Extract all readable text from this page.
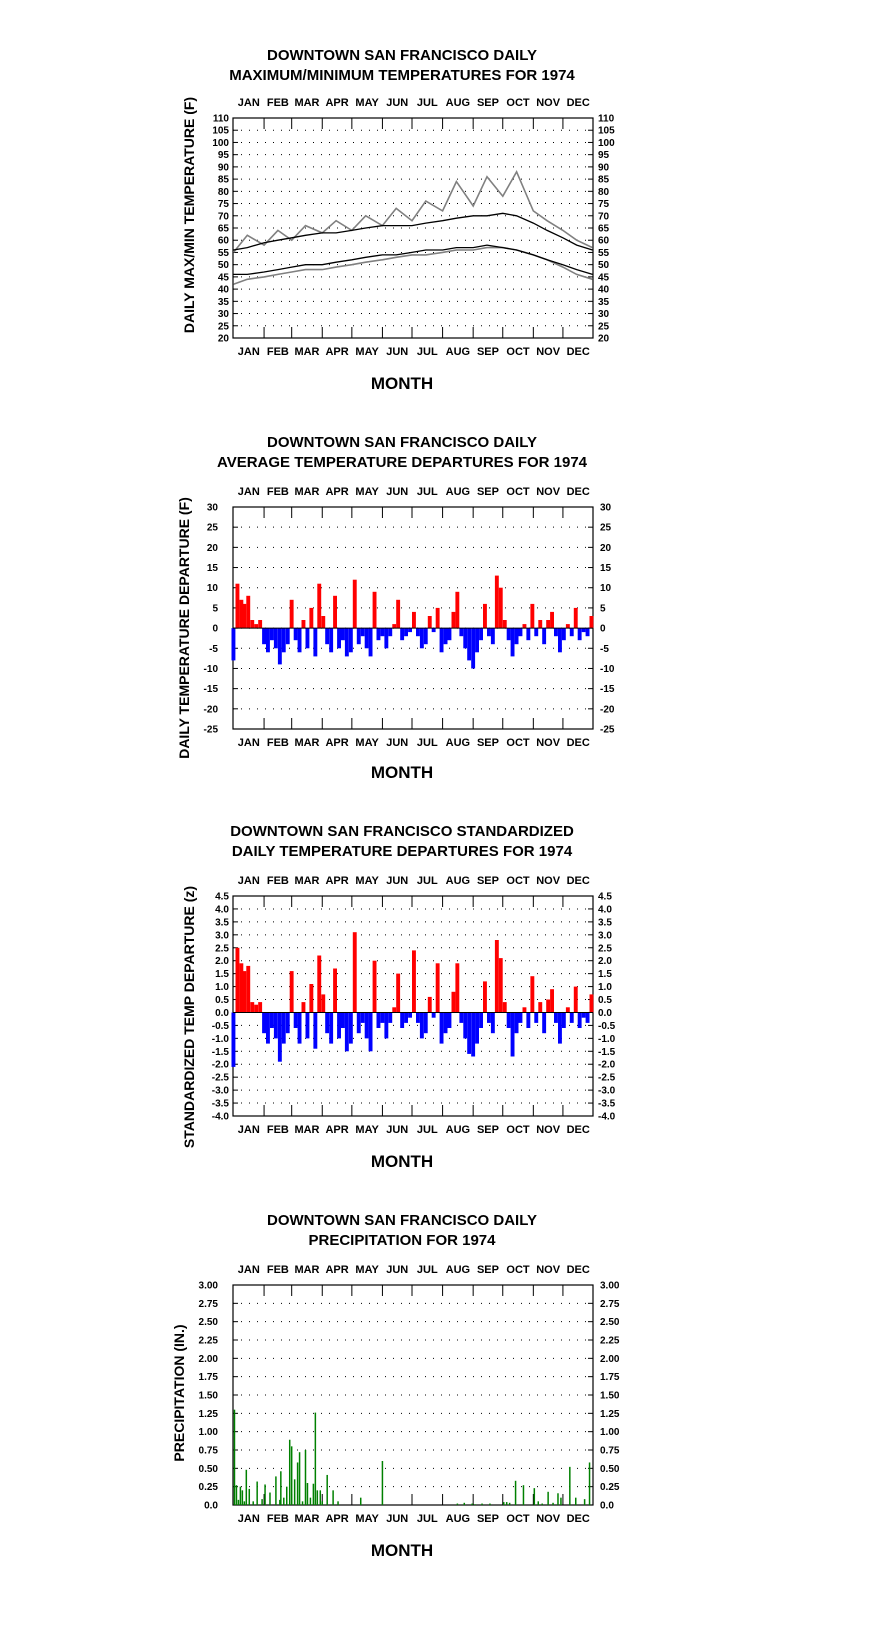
DOWNTOWN SAN FRANCISCO DAILY
MAXIMUM/MINIMUM TEMPERATURES FOR 1974
DAILY MAX/MIN TEMPERATURE (F)
MONTH
20	20
25	25
30	30
35	35
40	40
45	45
50	50
55	55
60	60
65	65
70	70
75	75
80	80
85	85
90	90
95	95
100	100
105	105
110	110
JAN
JAN
FEB
FEB
MAR
MAR
APR
APR
MAY
MAY
JUN
JUN
JUL
JUL
AUG
AUG
SEP
SEP
OCT
OCT
NOV
NOV
DEC
DEC
DOWNTOWN SAN FRANCISCO DAILY
AVERAGE TEMPERATURE DEPARTURES FOR 1974
DAILY TEMPERATURE DEPARTURE (F)
MONTH
-25	-25
-20	-20
-15	-15
-10	-10
-5	-5
0	0
5	5
10	10
15	15
20	20
25	25
30	30
JAN
JAN
FEB
FEB
MAR
MAR
APR
APR
MAY
MAY
JUN
JUN
JUL
JUL
AUG
AUG
SEP
SEP
OCT
OCT
NOV
NOV
DEC
DEC
DOWNTOWN SAN FRANCISCO STANDARDIZED
DAILY TEMPERATURE DEPARTURES FOR 1974
STANDARDIZED TEMP DEPARTURE (z)
MONTH
-4.0	-4.0
-3.5	-3.5
-3.0	-3.0
-2.5	-2.5
-2.0	-2.0
-1.5	-1.5
-1.0	-1.0
-0.5	-0.5
0.0	0.0
0.5	0.5
1.0	1.0
1.5	1.5
2.0	2.0
2.5	2.5
3.0	3.0
3.5	3.5
4.0	4.0
4.5	4.5
JAN
JAN
FEB
FEB
MAR
MAR
APR
APR
MAY
MAY
JUN
JUN
JUL
JUL
AUG
AUG
SEP
SEP
OCT
OCT
NOV
NOV
DEC
DEC
DOWNTOWN SAN FRANCISCO DAILY
PRECIPITATION FOR 1974
PRECIPITATION (IN.)
MONTH
0.0	0.0
0.25	0.25
0.50	0.50
0.75	0.75
1.00	1.00
1.25	1.25
1.50	1.50
1.75	1.75
2.00	2.00
2.25	2.25
2.50	2.50
2.75	2.75
3.00	3.00
JAN
JAN
FEB
FEB
MAR
MAR
APR
APR
MAY
MAY
JUN
JUN
JUL
JUL
AUG
AUG
SEP
SEP
OCT
OCT
NOV
NOV
DEC
DEC
